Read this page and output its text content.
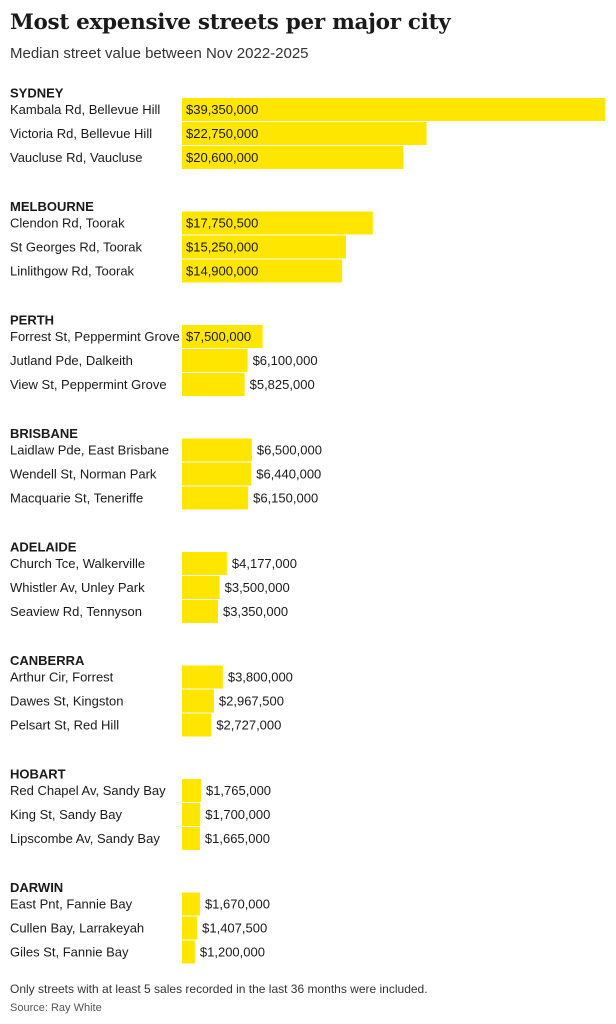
Most expensive streets per major city
Median street value between Nov 2022-2025
SYDNEY
Kambala Rd, Bellevue Hill $39,350,000
Victoria Rd, Bellevue Hill	$22,750,000
Vaucluse Rd, Vaucluse	$20,600,000
MELBOURNE
Clendon Rd, Toorak	$17,750,500
St Georges Rd, Toorak	$15,250,000
Linlithgow Rd, Toorak	$14,900,000
PERTH
Forrest St, Peppermint Grove $7,500,000
Jutland Pde, Dalkeith	$6,100,000
View St, Peppermint Grove	$5,825,000
BRISBANE
Laidlaw Pde, East Brisbane	$6,500,000
Wendell St, Norman Park	$6,440,000
Macquarie St, Teneriffe	$6,150,000
ADELAIDE
Church Tce, Walkerville	$4,177,000
Whistler Av, Unley Park	$3,500,000
Seaview Rd, Tennyson	$3,350,000
CANBERRA
Arthur Cir, Forrest	$3,800,000
Dawes St, Kingston	$2,967,500
Pelsart St, Red Hill	$2,727,000
HOBART
Red Chapel Av, Sandy Bay	$1,765,000
King St, Sandy Bay	$1,700,000
Lipscombe Av, Sandy Bay	$1,665,000
DARWIN
East Pnt, Fannie Bay	$1,670,000
Cullen Bay, Larrakeyah	$1,407,500
Giles St, Fannie Bay	$1,200,000
Only streets with at least 5 sales recorded in the last 36 months were included.
Source: Ray White
